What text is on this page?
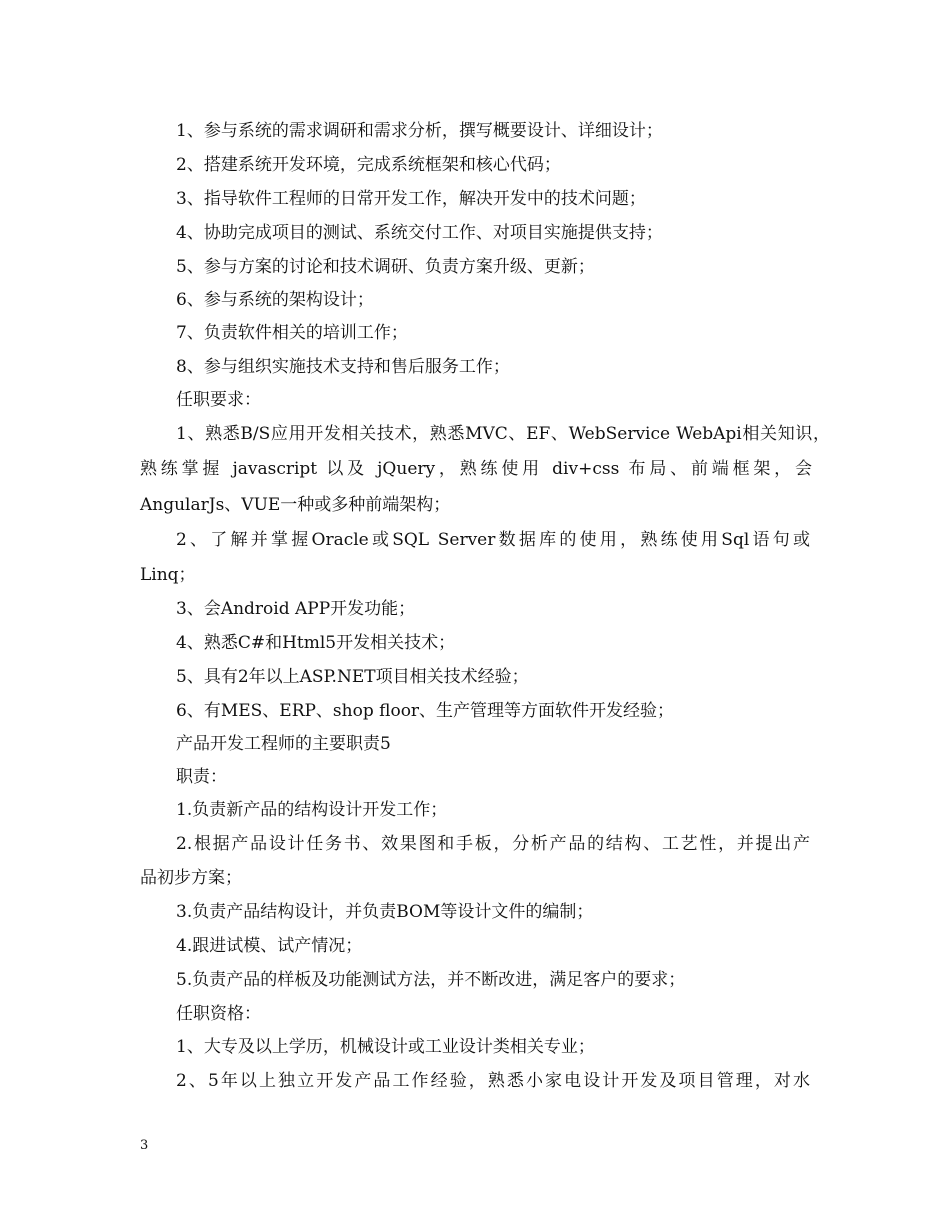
1、参与系统的需求调研和需求分析，撰写概要设计、详细设计；
2、搭建系统开发环境，完成系统框架和核心代码；
3、指导软件工程师的日常开发工作，解决开发中的技术问题；
4、协助完成项目的测试、系统交付工作、对项目实施提供支持；
5、参与方案的讨论和技术调研、负责方案升级、更新；
6、参与系统的架构设计；
7、负责软件相关的培训工作；
8、参与组织实施技术支持和售后服务工作；
任职要求：
1、熟悉B/S应用开发相关技术，熟悉MVC、EF、WebService WebApi相关知识，
熟练掌握 javascript 以及 jQuery，熟练使用 div+css 布局、前端框架，会
AngularJs、VUE一种或多种前端架构；
2、了解并掌握Oracle或SQL Server数据库的使用，熟练使用Sql语句或
Linq；
3、会Android APP开发功能；
4、熟悉C#和Html5开发相关技术；
5、具有2年以上ASP.NET项目相关技术经验；
6、有MES、ERP、shop floor、生产管理等方面软件开发经验；
产品开发工程师的主要职责5
职责：
1.负责新产品的结构设计开发工作；
2.根据产品设计任务书、效果图和手板，分析产品的结构、工艺性，并提出产
品初步方案；
3.负责产品结构设计，并负责BOM等设计文件的编制；
4.跟进试模、试产情况；
5.负责产品的样板及功能测试方法，并不断改进，满足客户的要求；
任职资格：
1、大专及以上学历，机械设计或工业设计类相关专业；
2、5年以上独立开发产品工作经验，熟悉小家电设计开发及项目管理，对水
3
